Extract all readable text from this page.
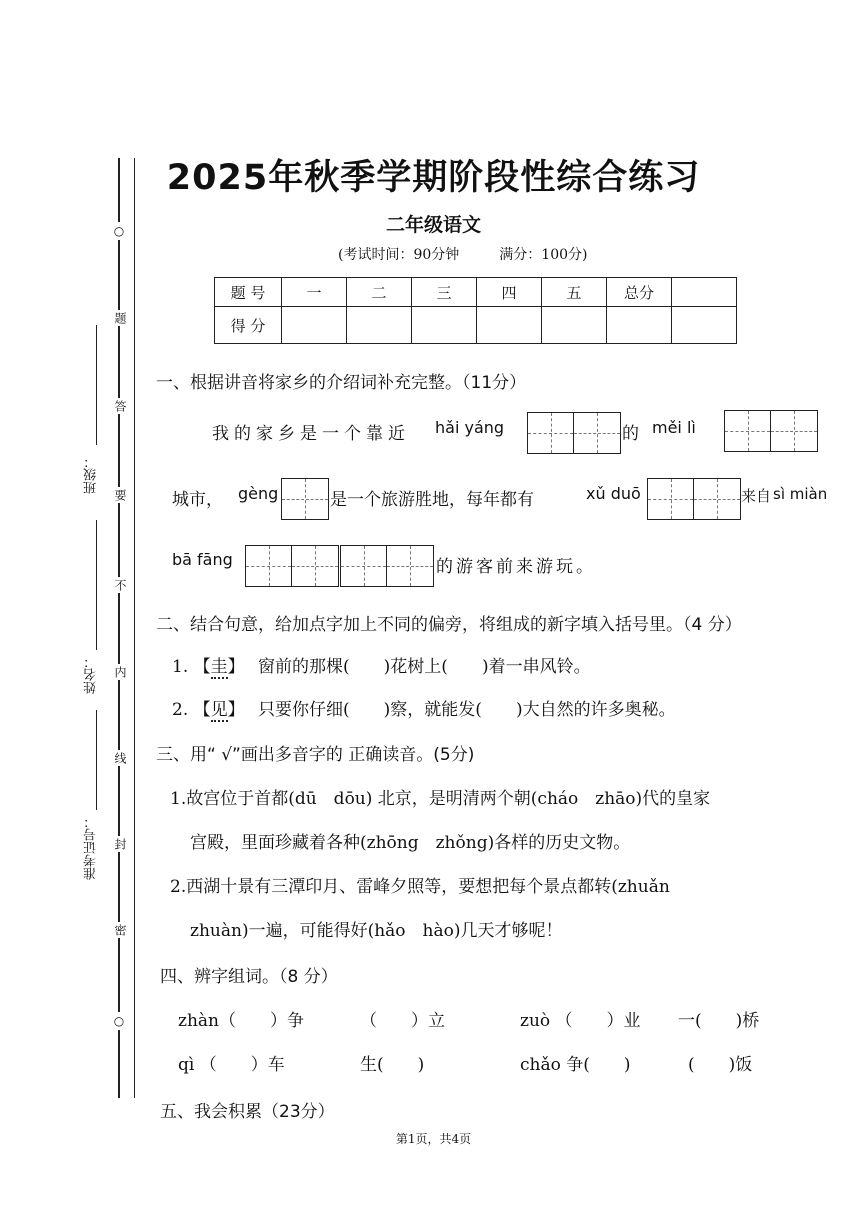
○
题
答
要
不
内
线
封
密
○
班级：
姓名：
准考证号：
2025年秋季学期阶段性综合练习
二年级语文
(考试时间：90分钟	满分：100分)
题 号	一	二	三	四	五	总分	
得 分							
一、根据讲音将家乡的介绍词补充完整。（11分）
我的家乡是一个靠近 hǎi yáng	的 měi lì
城市， gèng	是一个旅游胜地，每年都有	xǔ duō	来自 sì miàn
bā fāng	的游客前来游玩。
二、结合句意，给加点字加上不同的偏旁，将组成的新字填入括号里。（4 分）
1. 【圭】 窗前的那棵(　　)花树上(　　)着一串风铃。
2. 【见】 只要你仔细(　　)察，就能发(　　)大自然的许多奥秘。
三、用“ √”画出多音字的 正确读音。(5分)
1.故宫位于首都(dū　dōu) 北京，是明清两个朝(cháo　zhāo)代的皇家
宫殿，里面珍藏着各种(zhōng　zhǒng)各样的历史文物。
2.西湖十景有三潭印月、雷峰夕照等，要想把每个景点都转(zhuǎn
zhuàn)一遍，可能得好(hǎo　hào)几天才够呢！
四、辨字组词。（8 分）
zhàn（　　）争	（　　）立	zuò （　　）业 一(　　)桥
qì （　　）车	生(　　)	chǎo 争(　　)	(　　)饭
五、我会积累（23分）
第1页，共4页
